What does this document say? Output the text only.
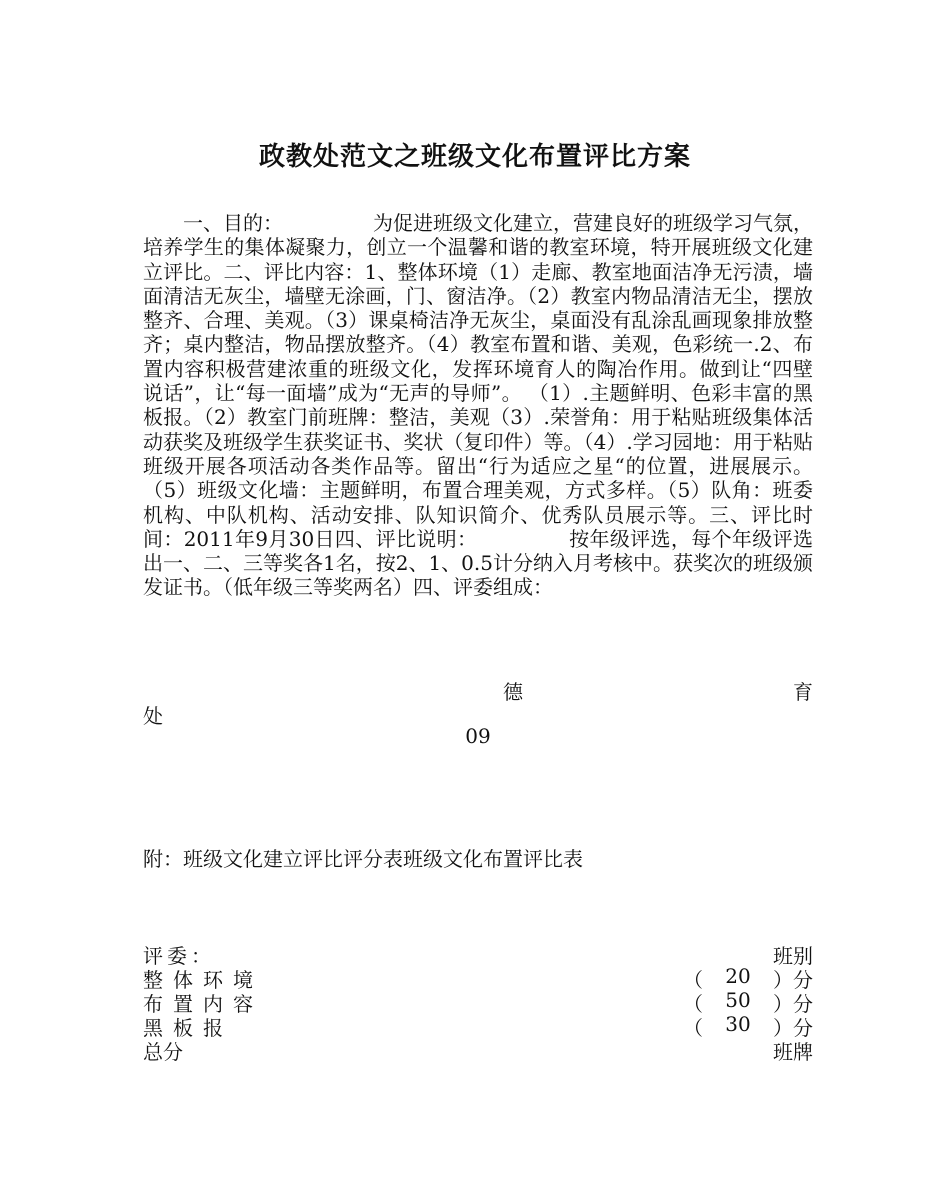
政教处范文之班级文化布置评比方案
　　一、目的：　　　　　为促进班级文化建立，营建良好的班级学习气氛，培养学生的集体凝聚力，创立一个温馨和谐的教室环境，特开展班级文化建立评比。二、评比内容：1、整体环境（1）走廊、教室地面洁净无污渍，墙面清洁无灰尘，墙壁无涂画，门、窗洁净。（2）教室内物品清洁无尘，摆放整齐、合理、美观。（3）课桌椅洁净无灰尘，桌面没有乱涂乱画现象排放整齐；桌内整洁，物品摆放整齐。（4）教室布置和谐、美观，色彩统一.2、布置内容积极营建浓重的班级文化，发挥环境育人的陶冶作用。做到让“四壁说话”，让“每一面墙”成为“无声的导师”。 （1）.主题鲜明、色彩丰富的黑板报。（2）教室门前班牌：整洁，美观（3）.荣誉角：用于粘贴班级集体活动获奖及班级学生获奖证书、奖状（复印件）等。（4）.学习园地：用于粘贴班级开展各项活动各类作品等。留出“行为适应之星“的位置，进展展示。（5）班级文化墙：主题鲜明，布置合理美观，方式多样。（5）队角：班委机构、中队机构、活动安排、队知识简介、优秀队员展示等。三、评比时间：2011年9月30日四、评比说明：　　　　　按年级评选，每个年级评选出一、二、三等奖各1名，按2、1、0.5计分纳入月考核中。获奖次的班级颁发证书。（低年级三等奖两名）四、评委组成：
德	育
处
09
附：班级文化建立评比评分表班级文化布置评比表
评委：	班别
整体环境	（ 20 ） 分
布置内容	（ 50 ） 分
黑板报	（ 30 ） 分
总分	班牌
